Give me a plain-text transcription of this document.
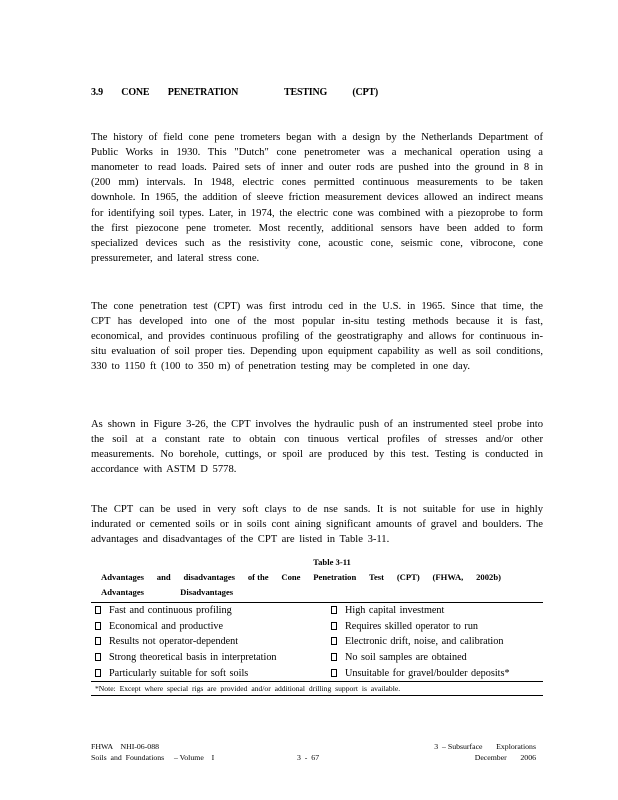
3.9        CONE        PENETRATION                    TESTING           (CPT)

The history of field cone pene trometers began with a design by the Netherlands Department of Public Works in 1930. This "Dutch" cone penetrometer was a mechanical operation using a manometer to read loads. Paired sets of inner and outer rods are pushed into the ground in 8 in (200 mm) intervals. In 1948, electric cones permitted continuous measurements to be taken downhole. In 1965, the addition of sleeve friction measurement devices allowed an indirect means for identifying soil types. Later, in 1974, the electric cone was combined with a piezoprobe to form the first piezocone pene trometer. Most recently, additional sensors have been added to form specialized devices such as the resistivity cone, acoustic cone, seismic cone, vibrocone, cone pressuremeter, and lateral stress cone.

The cone penetration test (CPT) was first introdu ced in the U.S. in 1965. Since that time, the CPT has developed into one of the most popular in-situ testing methods because it is fast, economical, and provides continuous profiling of the geostratigraphy and allows for continuous in-situ evaluation of soil proper ties. Depending upon equipment capability as well as soil conditions, 330 to 1150 ft (100 to 350 m) of penetration testing may be completed in one day.

As shown in Figure 3-26, the CPT involves the hydraulic push of an instrumented steel probe into the soil at a constant rate to obtain con tinuous vertical profiles of stresses and/or other measurements. No borehole, cuttings, or spoil are produced by this test. Testing is conducted in accordance with ASTM D 5778.

The CPT can be used in very soft clays to de nse sands. It is not suitable for use in highly indurated or cemented soils or in soils cont aining significant amounts of gravel and boulders. The advantages and disadvantages of the CPT are listed in Table 3-11.

Table 3-11
Advantages and disadvantages of the Cone Penetration Test (CPT) (FHWA, 2002b)
Advantages	Disadvantages
Fast and continuous profiling	High capital investment
Economical and productive	Requires skilled operator to run
Results not operator-dependent	Electronic drift, noise, and calibration
Strong theoretical basis in interpretation	No soil samples are obtained
Particularly suitable for soft soils	Unsuitable for gravel/boulder deposits*
*Note: Except where special rigs are provided and/or additional drilling support is available.	
FHWA    NHI-06-088
Soils  and  Foundations     – Volume    I	3  -  67
3  – Subsurface       Explorations
December       2006
